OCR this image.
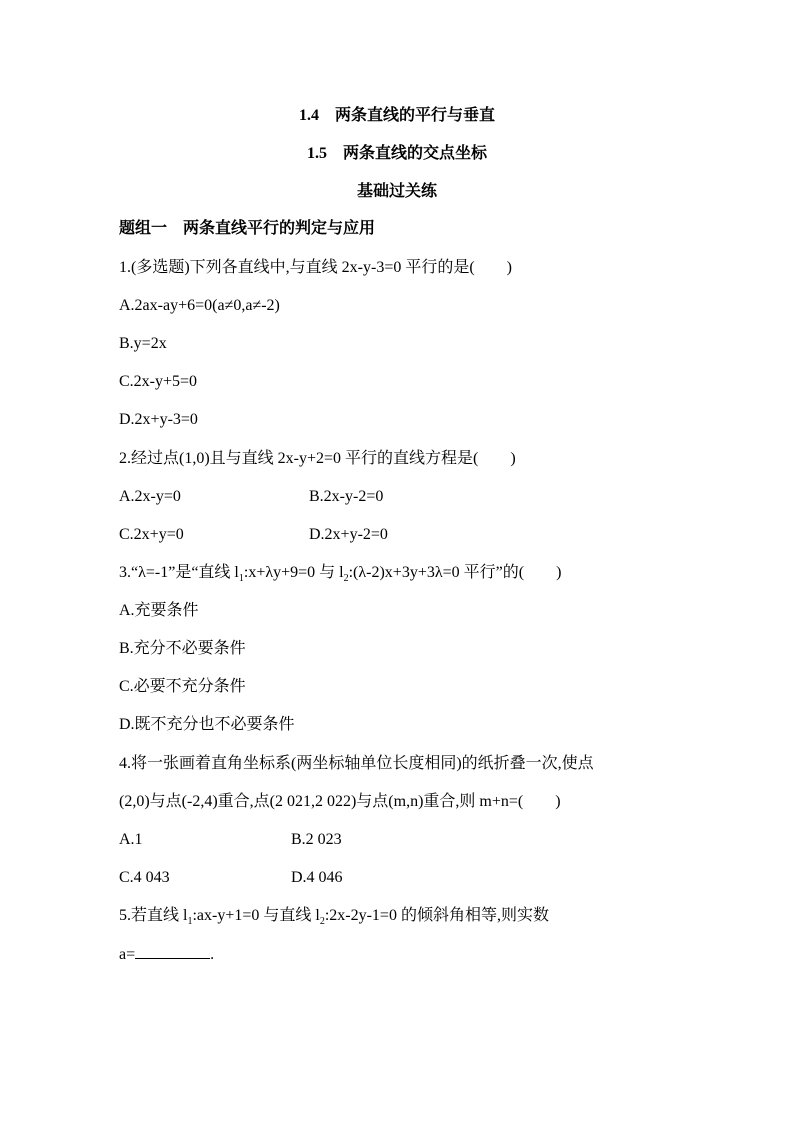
1.4　两条直线的平行与垂直
1.5　两条直线的交点坐标
基础过关练
题组一　两条直线平行的判定与应用
1.(多选题)下列各直线中,与直线 2x-y-3=0 平行的是( )
A.2ax-ay+6=0(a≠0,a≠-2)
B.y=2x
C.2x-y+5=0
D.2x+y-3=0
2.经过点(1,0)且与直线 2x-y+2=0 平行的直线方程是( )
A.2x-y=0	B.2x-y-2=0
C.2x+y=0	D.2x+y-2=0
3.“λ=-1”是“直线 $l_1:x+\lambda y+9=0$ 与 $l_2:(\lambda-2)x+3y+3\lambda=0$ 平行”的( )
A.充要条件
B.充分不必要条件
C.必要不充分条件
D.既不充分也不必要条件
4.将一张画着直角坐标系(两坐标轴单位长度相同)的纸折叠一次,使点
(2,0)与点(-2,4)重合,点(2 021,2 022)与点(m,n)重合,则 m+n=( )
A.1	B.2 023
C.4 043	D.4 046
5.若直线 $l_1:ax-y+1=0$ 与直线 $l_2:2x-2y-1=0$ 的倾斜角相等,则实数
a=	.
